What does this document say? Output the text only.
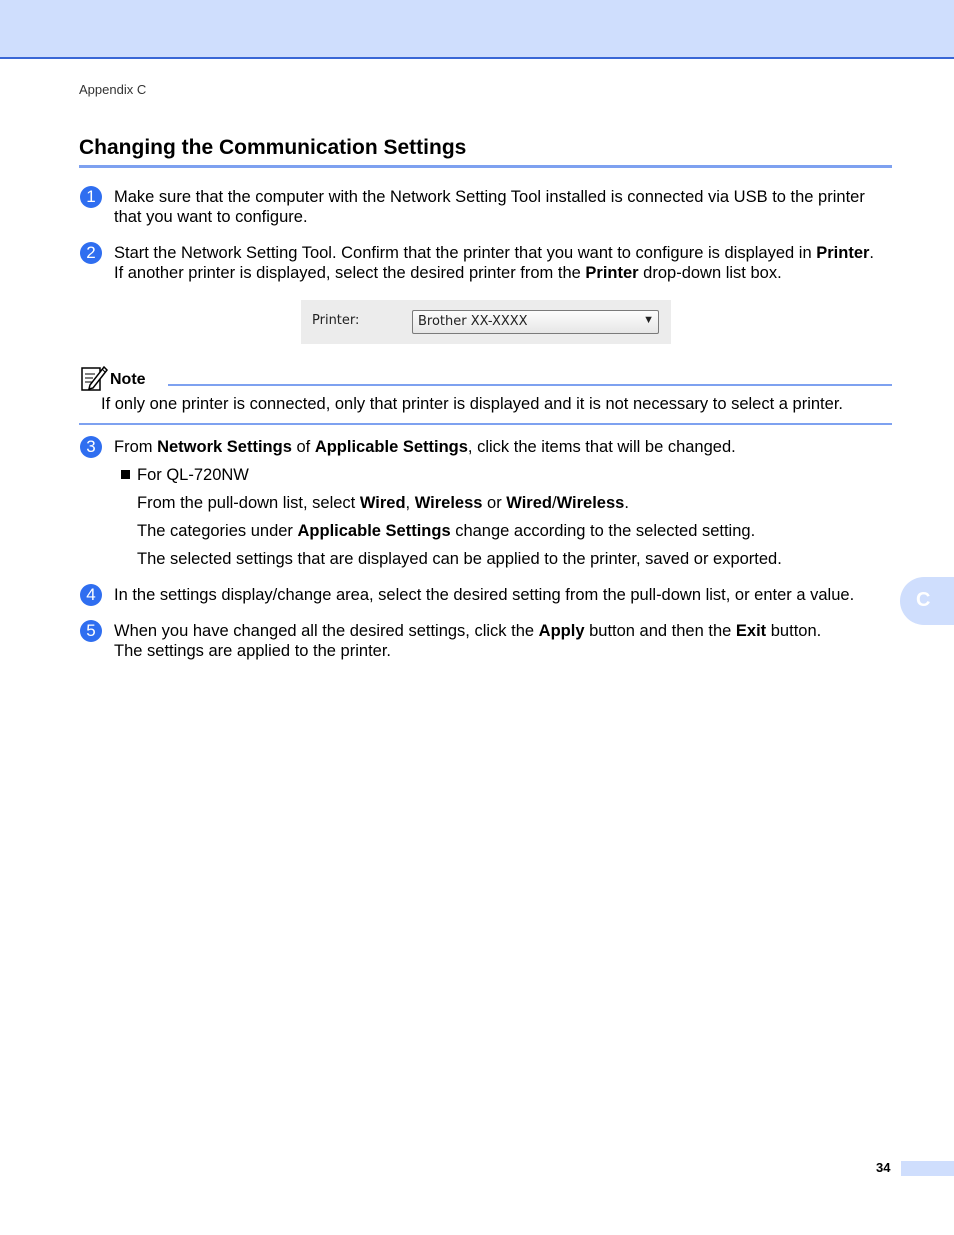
Appendix C
Changing the Communication Settings
1	Make sure that the computer with the Network Setting Tool installed is connected via USB to the printer
that you want to configure.
2	Start the Network Setting Tool. Confirm that the printer that you want to configure is displayed in Printer.
If another printer is displayed, select the desired printer from the Printer drop-down list box.
Printer:	Brother XX-XXXX	▼
Note
If only one printer is connected, only that printer is displayed and it is not necessary to select a printer.
3	From Network Settings of Applicable Settings, click the items that will be changed.
For QL-720NW
From the pull-down list, select Wired, Wireless or Wired/Wireless.
The categories under Applicable Settings change according to the selected setting.
The selected settings that are displayed can be applied to the printer, saved or exported.
4	In the settings display/change area, select the desired setting from the pull-down list, or enter a value.
5	When you have changed all the desired settings, click the Apply button and then the Exit button.
The settings are applied to the printer.
C
34
